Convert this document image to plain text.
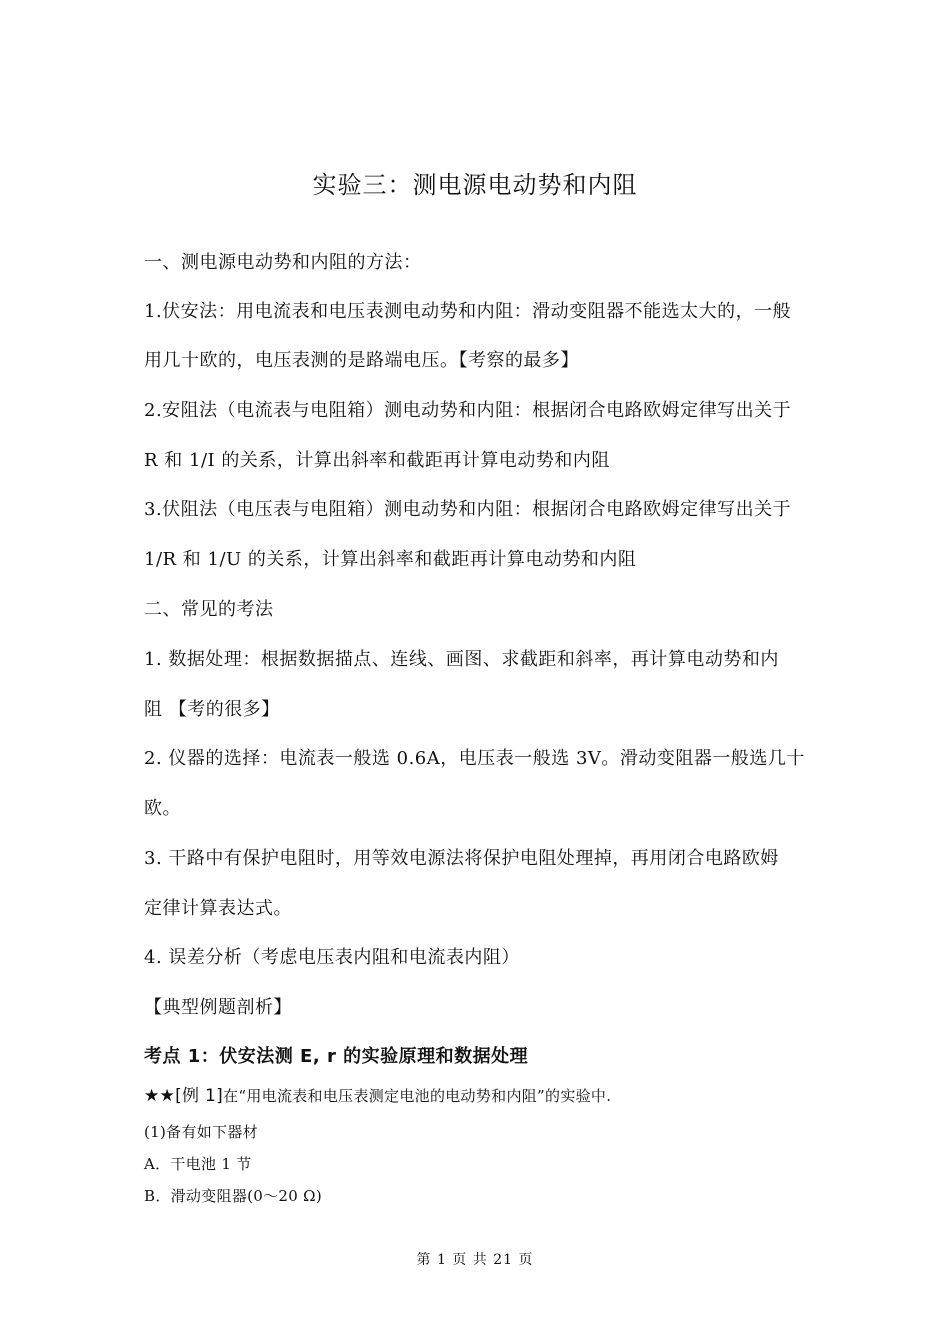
实验三：测电源电动势和内阻
一、测电源电动势和内阻的方法：
1.伏安法：用电流表和电压表测电动势和内阻：滑动变阻器不能选太大的，一般
用几十欧的，电压表测的是路端电压。【考察的最多】
2.安阻法（电流表与电阻箱）测电动势和内阻：根据闭合电路欧姆定律写出关于
R 和 1/I 的关系，计算出斜率和截距再计算电动势和内阻
3.伏阻法（电压表与电阻箱）测电动势和内阻：根据闭合电路欧姆定律写出关于
1/R 和 1/U 的关系，计算出斜率和截距再计算电动势和内阻
二、常见的考法
1. 数据处理：根据数据描点、连线、画图、求截距和斜率，再计算电动势和内
阻 【考的很多】
2. 仪器的选择：电流表一般选 0.6A，电压表一般选 3V。滑动变阻器一般选几十
欧。
3. 干路中有保护电阻时，用等效电源法将保护电阻处理掉，再用闭合电路欧姆
定律计算表达式。
4. 误差分析（考虑电压表内阻和电流表内阻）
【典型例题剖析】
考点 1：伏安法测 E, r 的实验原理和数据处理
★★[例 1]在“用电流表和电压表测定电池的电动势和内阻”的实验中.
(1)备有如下器材
A．干电池 1 节
B．滑动变阻器(0～20 Ω)
第 1 页 共 21 页
